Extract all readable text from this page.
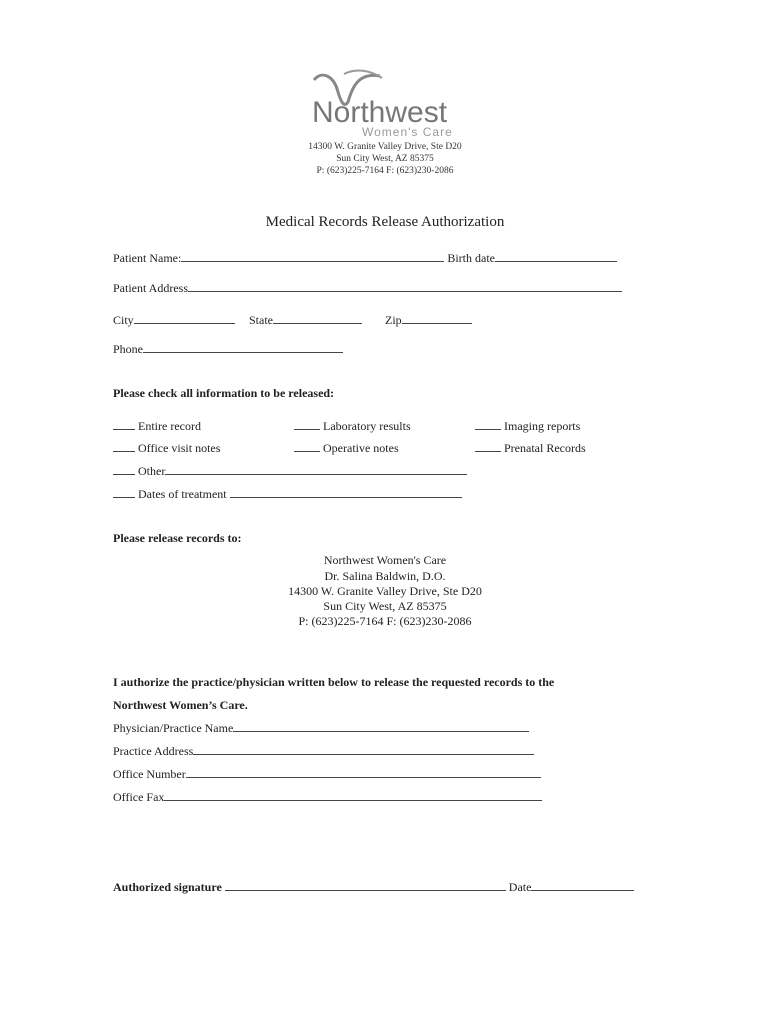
Northwest
Women's Care
14300 W. Granite Valley Drive, Ste D20
Sun City West, AZ 85375
P: (623)225-7164 F: (623)230-2086
Medical Records Release Authorization
Patient Name:	Birth date
Patient Address
City	State	Zip
Phone
Please check all information to be released:
Entire record	Laboratory results	Imaging reports
Office visit notes	Operative notes	Prenatal Records
Other
Dates of treatment
Please release records to:
Northwest Women's Care
Dr. Salina Baldwin, D.O.
14300 W. Granite Valley Drive, Ste D20
Sun City West, AZ 85375
P: (623)225-7164 F: (623)230-2086
I authorize the practice/physician written below to release the requested records to the
Northwest Women’s Care.
Physician/Practice Name
Practice Address
Office Number
Office Fax
Authorized signature	Date
